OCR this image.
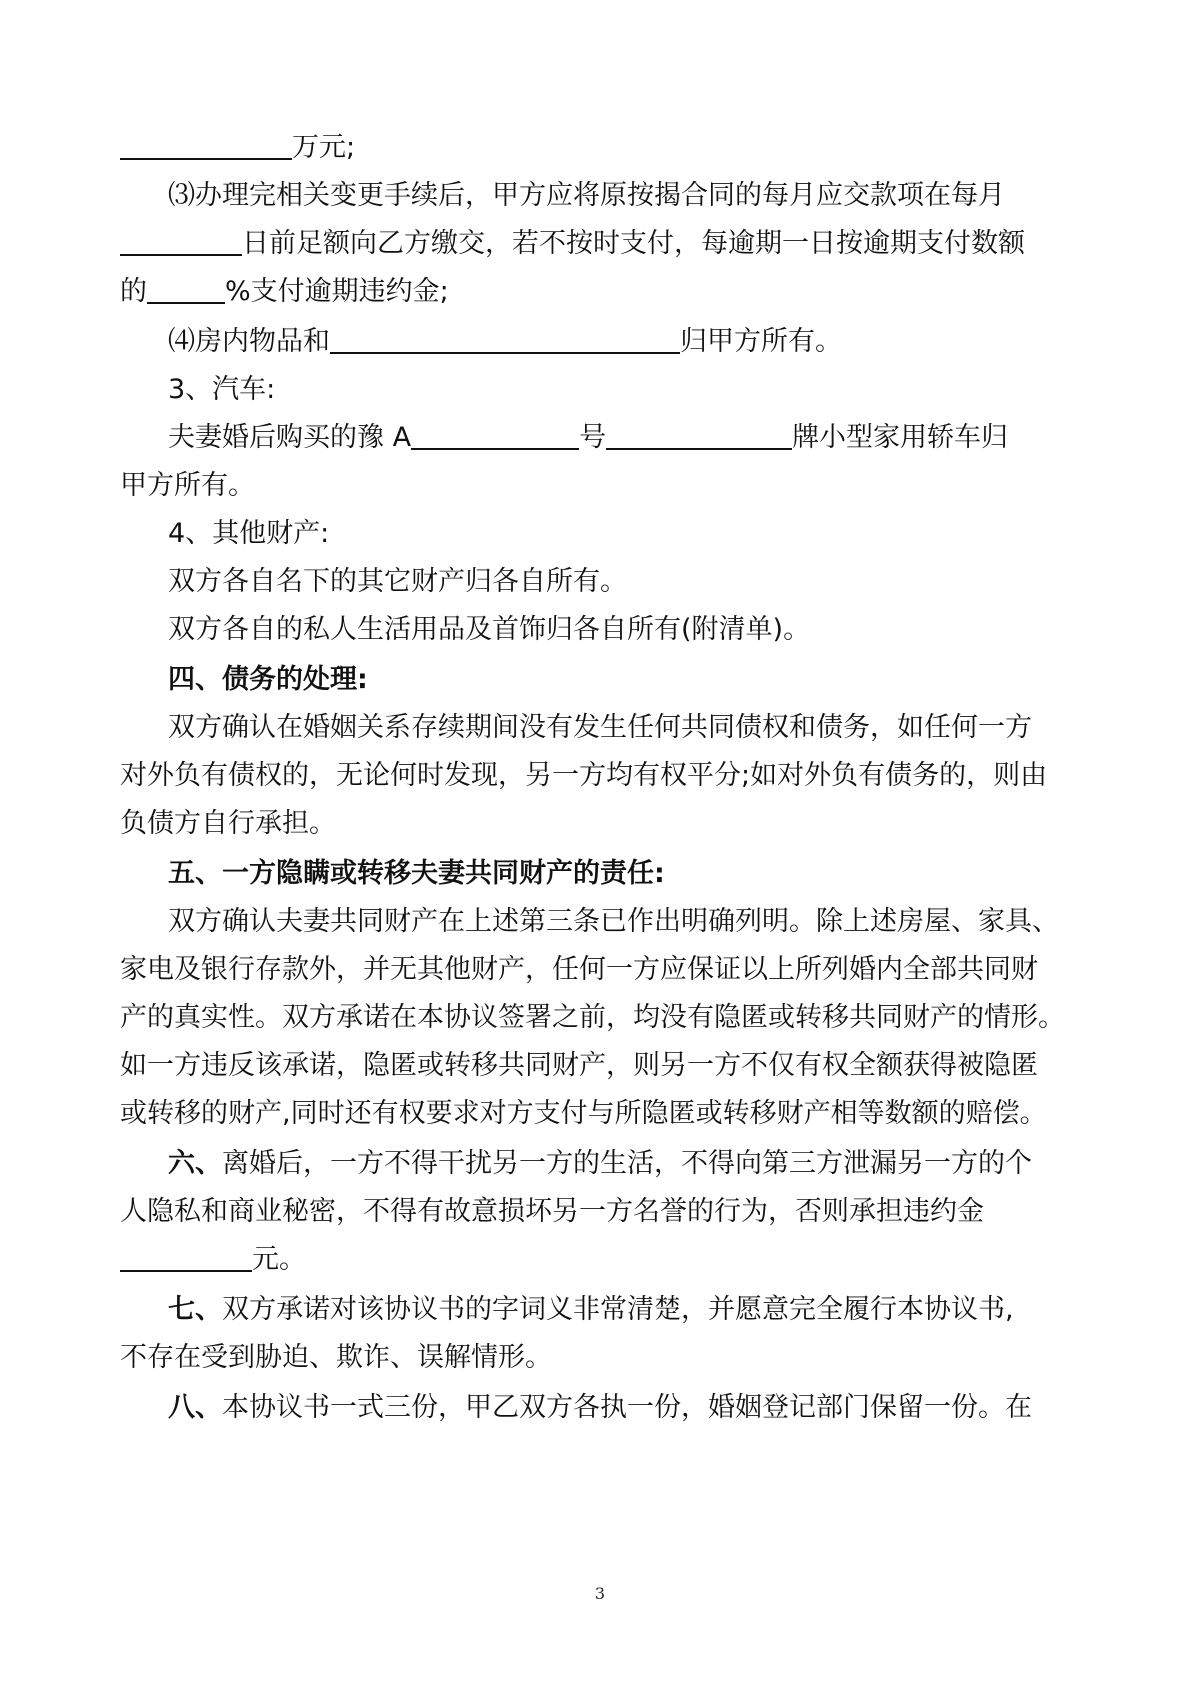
万元;
⑶办理完相关变更手续后，甲方应将原按揭合同的每月应交款项在每月
日前足额向乙方缴交，若不按时支付，每逾期一日按逾期支付数额
的	%支付逾期违约金;
⑷房内物品和	归甲方所有。
3、汽车:
夫妻婚后购买的豫 A	号	牌小型家用轿车归
甲方所有。
4、其他财产:
双方各自名下的其它财产归各自所有。
双方各自的私人生活用品及首饰归各自所有(附清单)。
四、债务的处理:
双方确认在婚姻关系存续期间没有发生任何共同债权和债务，如任何一方
对外负有债权的，无论何时发现，另一方均有权平分;如对外负有债务的，则由
负债方自行承担。
五、一方隐瞒或转移夫妻共同财产的责任:
双方确认夫妻共同财产在上述第三条已作出明确列明。除上述房屋、家具、
家电及银行存款外，并无其他财产，任何一方应保证以上所列婚内全部共同财
产的真实性。双方承诺在本协议签署之前，均没有隐匿或转移共同财产的情形。
如一方违反该承诺，隐匿或转移共同财产，则另一方不仅有权全额获得被隐匿
或转移的财产,同时还有权要求对方支付与所隐匿或转移财产相等数额的赔偿。
六、离婚后，一方不得干扰另一方的生活，不得向第三方泄漏另一方的个
人隐私和商业秘密，不得有故意损坏另一方名誉的行为，否则承担违约金
元。
七、双方承诺对该协议书的字词义非常清楚，并愿意完全履行本协议书,
不存在受到胁迫、欺诈、误解情形。
八、本协议书一式三份，甲乙双方各执一份，婚姻登记部门保留一份。在
3
